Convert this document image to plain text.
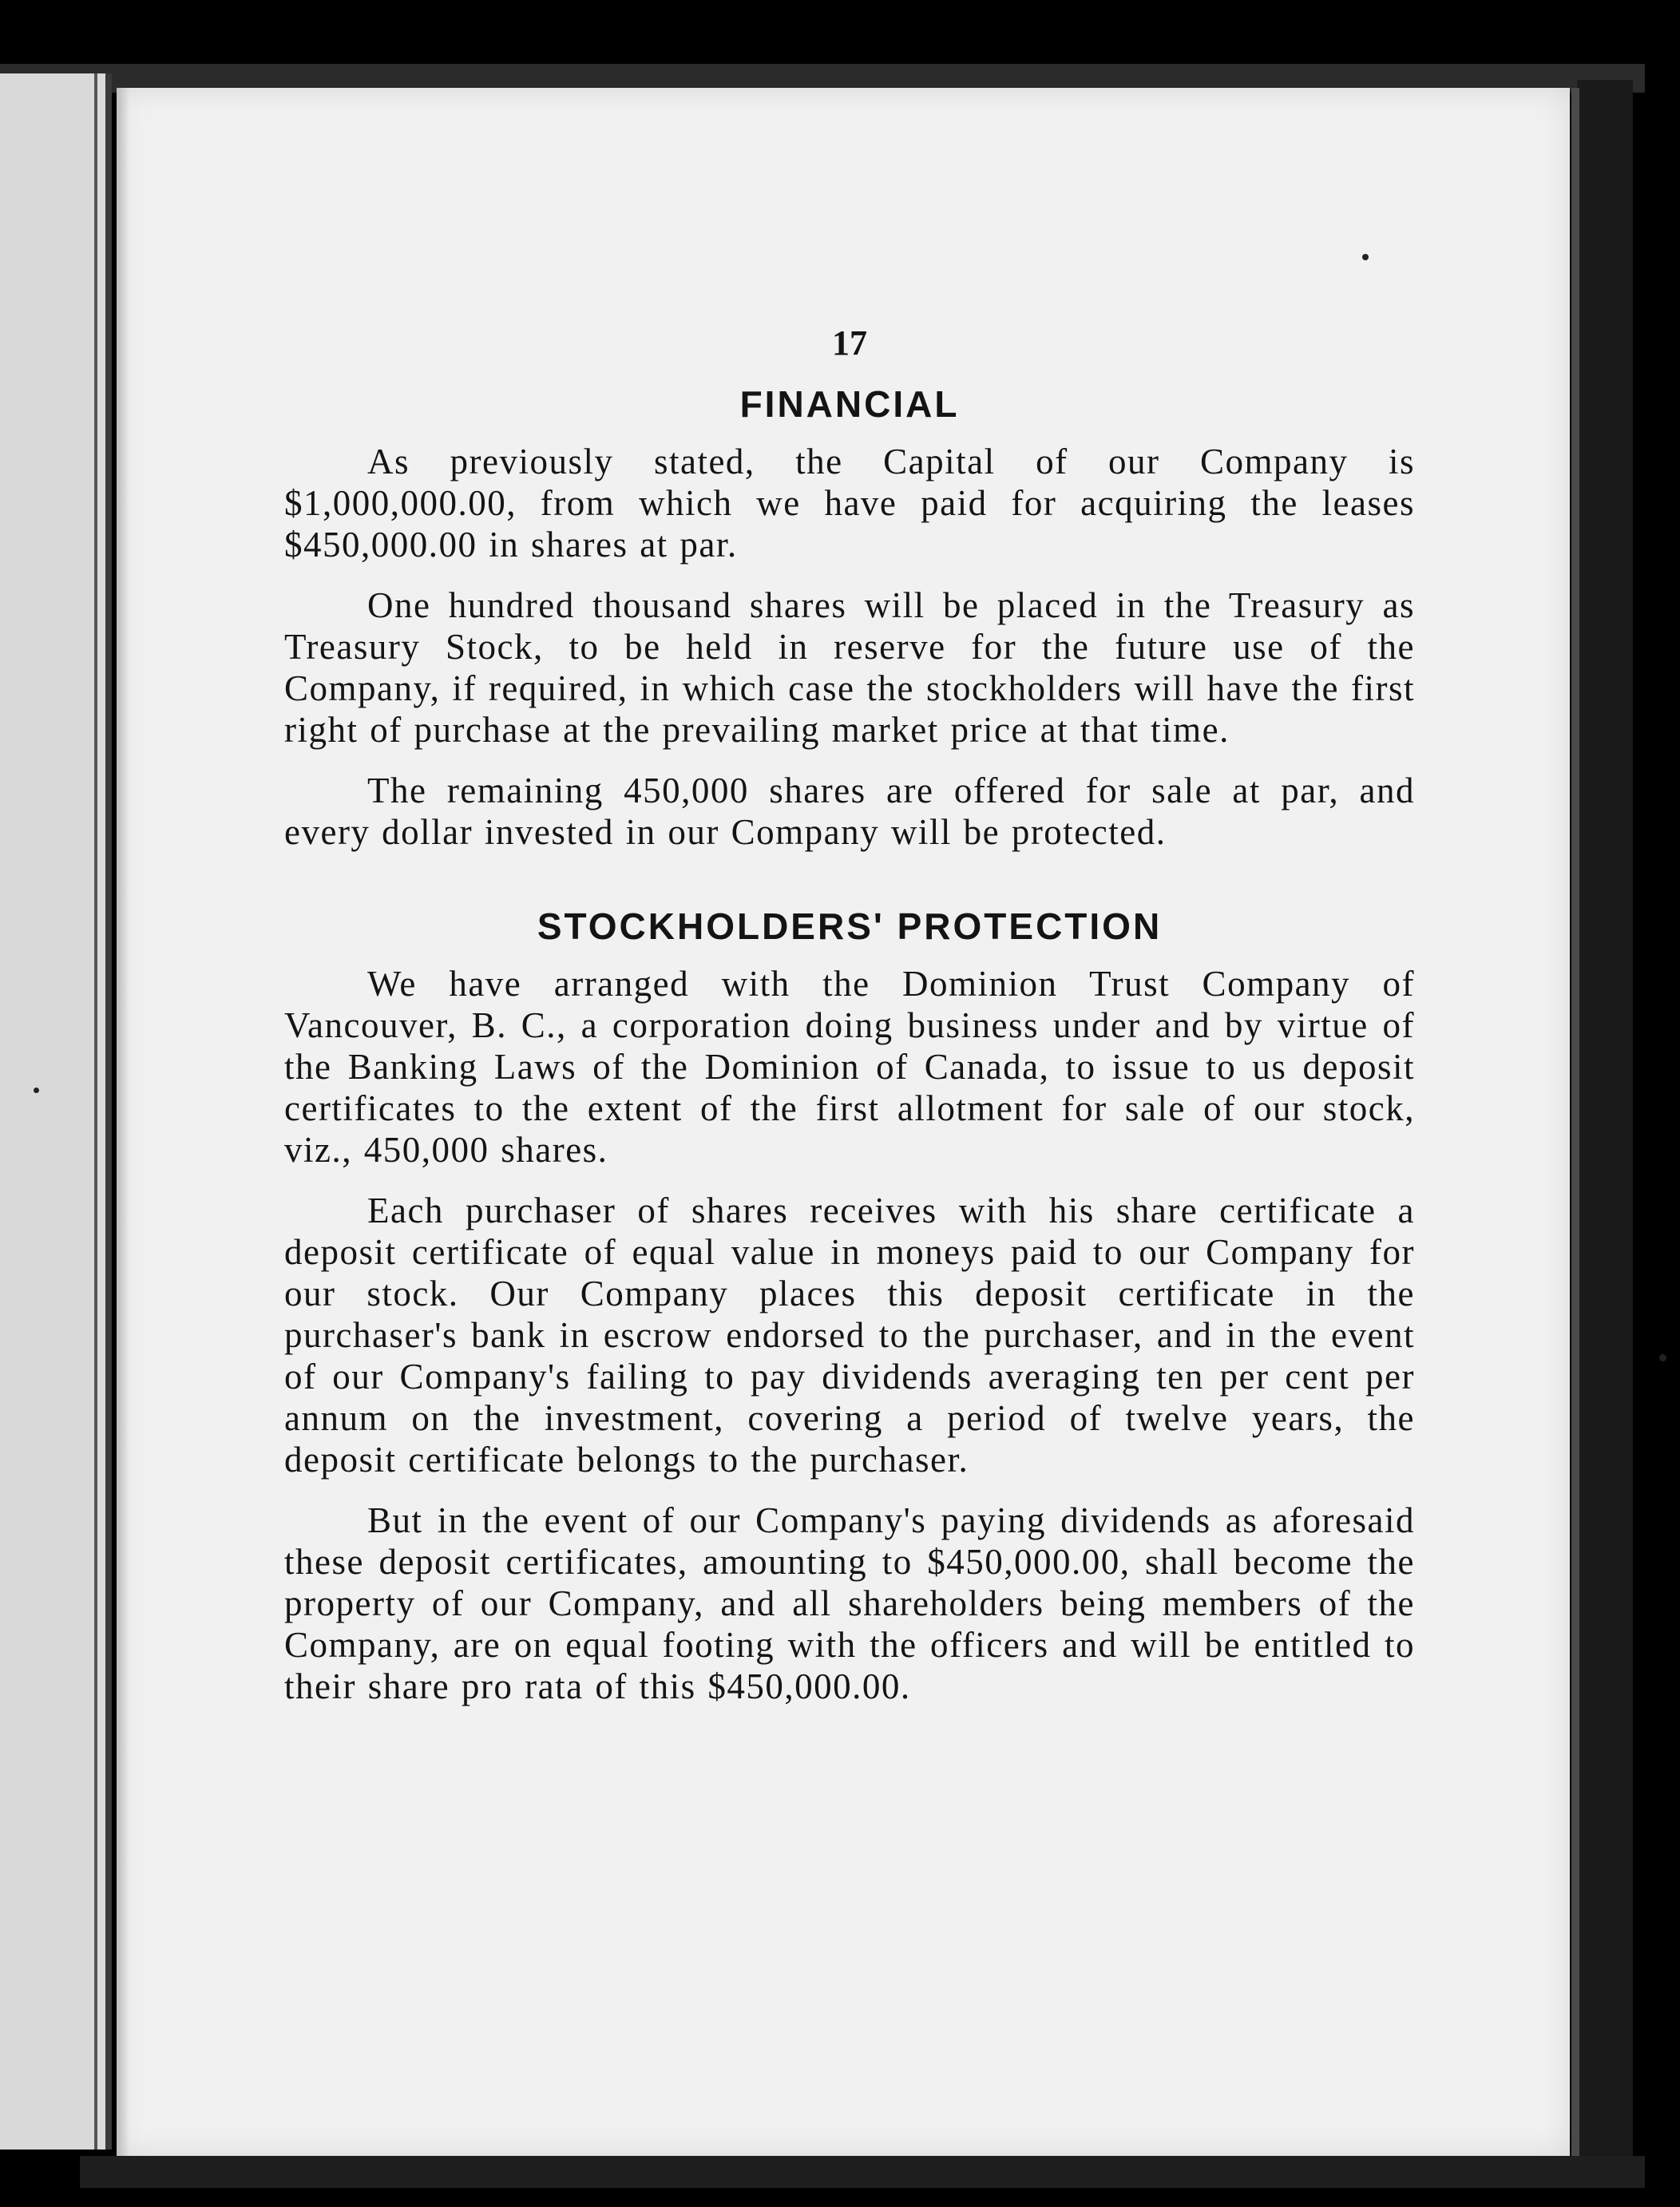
17
FINANCIAL

As previously stated, the Capital of our Company is $1,000,000.00, from which we have paid for acquiring the leases $450,000.00 in shares at par.

One hundred thousand shares will be placed in the Treasury as Treasury Stock, to be held in reserve for the future use of the Company, if required, in which case the stockholders will have the first right of purchase at the prevailing market price at that time.

The remaining 450,000 shares are offered for sale at par, and every dollar invested in our Company will be protected.

STOCKHOLDERS' PROTECTION

We have arranged with the Dominion Trust Company of Vancouver, B. C., a corporation doing business under and by virtue of the Banking Laws of the Dominion of Canada, to issue to us deposit certificates to the extent of the first allotment for sale of our stock, viz., 450,000 shares.

Each purchaser of shares receives with his share certificate a deposit certificate of equal value in moneys paid to our Company for our stock. Our Company places this deposit certificate in the purchaser's bank in escrow endorsed to the purchaser, and in the event of our Company's failing to pay dividends averaging ten per cent per annum on the investment, covering a period of twelve years, the deposit certificate belongs to the purchaser.

But in the event of our Company's paying dividends as aforesaid these deposit certificates, amounting to $450,000.00, shall become the property of our Company, and all shareholders being members of the Company, are on equal footing with the officers and will be entitled to their share pro rata of this $450,000.00.
